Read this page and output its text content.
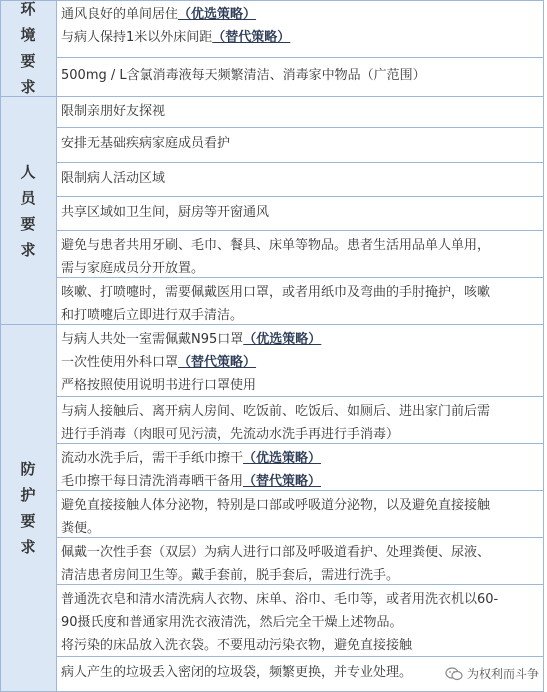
环
境
要
求
通风良好的单间居住（优选策略）
与病人保持1米以外床间距（替代策略）
500mg / L含氯消毒液每天频繁清洁、消毒家中物品（广范围）
人
员
要
求
限制亲朋好友探视
安排无基础疾病家庭成员看护
限制病人活动区域
共享区域如卫生间，厨房等开窗通风
避免与患者共用牙刷、毛巾、餐具、床单等物品。患者生活用品单人单用，
需与家庭成员分开放置。
咳嗽、打喷嚏时，需要佩戴医用口罩，或者用纸巾及弯曲的手肘掩护，咳嗽
和打喷嚏后立即进行双手清洁。
防
护
要
求
与病人共处一室需佩戴N95口罩（优选策略）
一次性使用外科口罩（替代策略）
严格按照使用说明书进行口罩使用
与病人接触后、离开病人房间、吃饭前、吃饭后、如厕后、进出家门前后需
进行手消毒（肉眼可见污渍，先流动水洗手再进行手消毒）
流动水洗手后，需干手纸巾擦干（优选策略）
毛巾擦干每日清洗消毒晒干备用（替代策略）
避免直接接触人体分泌物，特别是口部或呼吸道分泌物，以及避免直接接触
粪便。
佩戴一次性手套（双层）为病人进行口部及呼吸道看护、处理粪便、尿液、
清洁患者房间卫生等。戴手套前，脱手套后，需进行洗手。
普通洗衣皂和清水清洗病人衣物、床单、浴巾、毛巾等，或者用洗衣机以60-
90摄氏度和普通家用洗衣液清洗，然后完全干燥上述物品。
将污染的床品放入洗衣袋。不要甩动污染衣物，避免直接接触
病人产生的垃圾丢入密闭的垃圾袋，频繁更换，并专业处理。	为权利而斗争
